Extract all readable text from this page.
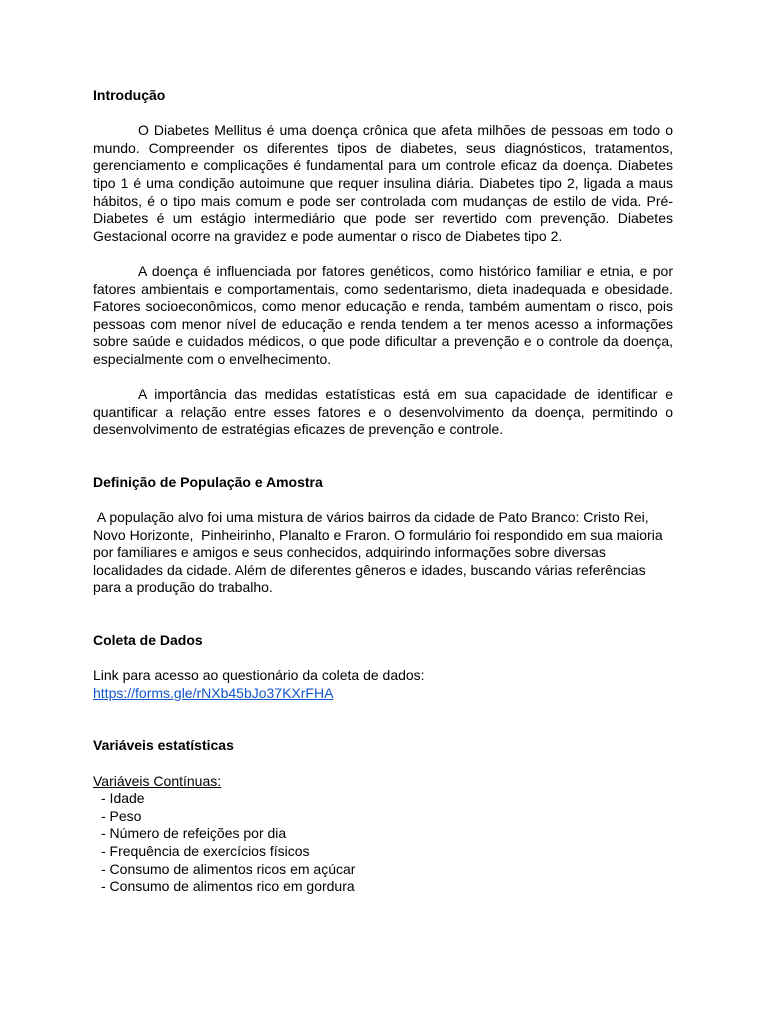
Introdução

O Diabetes Mellitus é uma doença crônica que afeta milhões de pessoas em todo o mundo. Compreender os diferentes tipos de diabetes, seus diagnósticos, tratamentos, gerenciamento e complicações é fundamental para um controle eficaz da doença. Diabetes tipo 1 é uma condição autoimune que requer insulina diária. Diabetes tipo 2, ligada a maus hábitos, é o tipo mais comum e pode ser controlada com mudanças de estilo de vida. Pré-Diabetes é um estágio intermediário que pode ser revertido com prevenção. Diabetes Gestacional ocorre na gravidez e pode aumentar o risco de Diabetes tipo 2.

A doença é influenciada por fatores genéticos, como histórico familiar e etnia, e por fatores ambientais e comportamentais, como sedentarismo, dieta inadequada e obesidade. Fatores socioeconômicos, como menor educação e renda, também aumentam o risco, pois pessoas com menor nível de educação e renda tendem a ter menos acesso a informações sobre saúde e cuidados médicos, o que pode dificultar a prevenção e o controle da doença, especialmente com o envelhecimento.

A importância das medidas estatísticas está em sua capacidade de identificar e quantificar a relação entre esses fatores e o desenvolvimento da doença, permitindo o desenvolvimento de estratégias eficazes de prevenção e controle.

Definição de População e Amostra

A população alvo foi uma mistura de vários bairros da cidade de Pato Branco: Cristo Rei, Novo Horizonte,  Pinheirinho, Planalto e Fraron. O formulário foi respondido em sua maioria por familiares e amigos e seus conhecidos, adquirindo informações sobre diversas localidades da cidade. Além de diferentes gêneros e idades, buscando várias referências para a produção do trabalho.

Coleta de Dados

Link para acesso ao questionário da coleta de dados:

https://forms.gle/rNXb45bJo37KXrFHA

Variáveis estatísticas

Variáveis Contínuas:

- Idade
- Peso
- Número de refeições por dia
- Frequência de exercícios físicos
- Consumo de alimentos ricos em açúcar
- Consumo de alimentos rico em gordura
